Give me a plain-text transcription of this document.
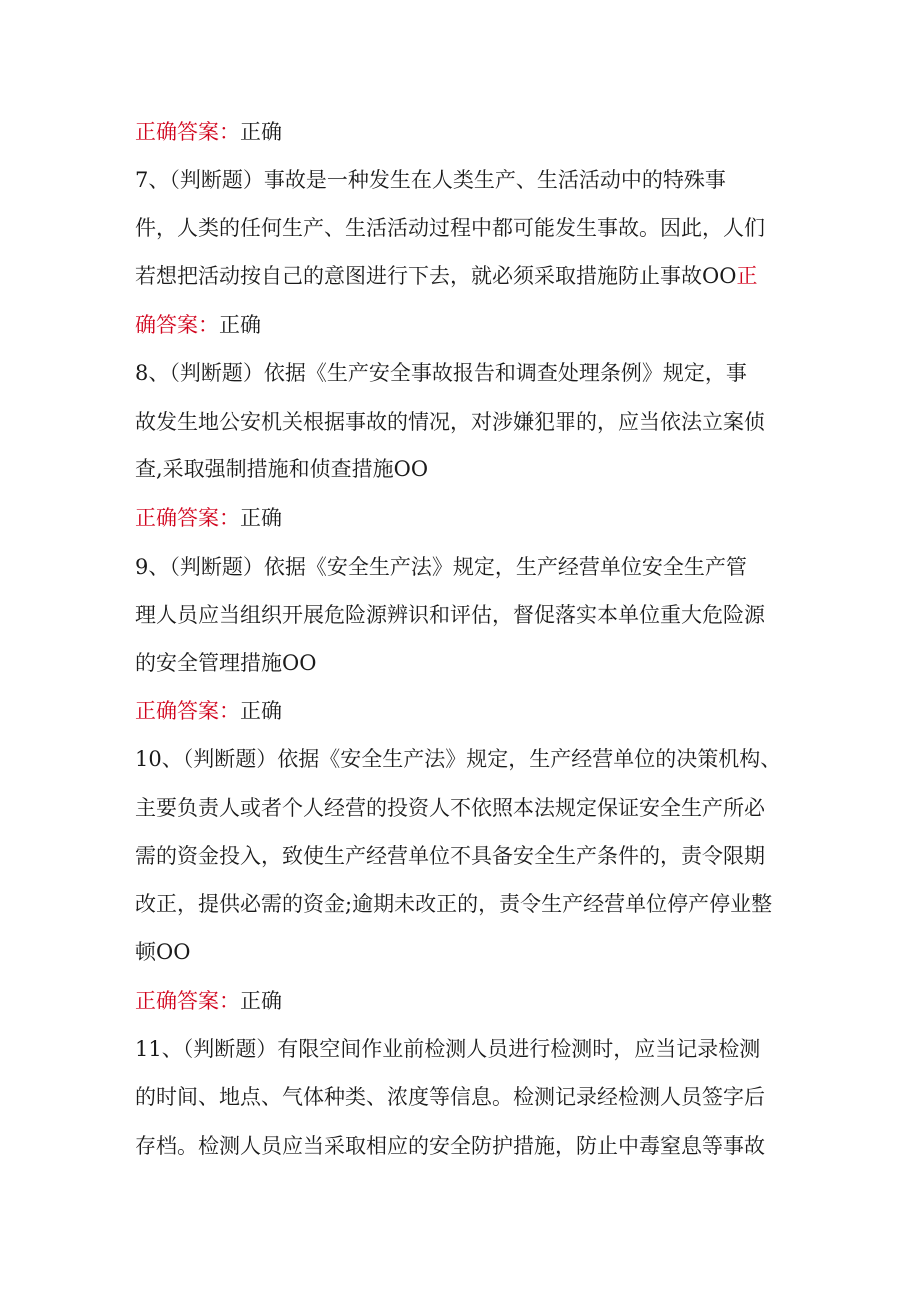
正确答案：正确
7、（判断题）事故是一种发生在人类生产、生活活动中的特殊事
件，人类的任何生产、生活活动过程中都可能发生事故。因此，人们
若想把活动按自己的意图进行下去，就必须采取措施防止事故OO正
确答案：正确
8、（判断题）依据《生产安全事故报告和调查处理条例》规定，事
故发生地公安机关根据事故的情况，对涉嫌犯罪的，应当依法立案侦
查,采取强制措施和侦查措施OO
正确答案：正确
9、（判断题）依据《安全生产法》规定，生产经营单位安全生产管
理人员应当组织开展危险源辨识和评估，督促落实本单位重大危险源
的安全管理措施OO
正确答案：正确
10、（判断题）依据《安全生产法》规定，生产经营单位的决策机构、
主要负责人或者个人经营的投资人不依照本法规定保证安全生产所必
需的资金投入，致使生产经营单位不具备安全生产条件的，责令限期
改正，提供必需的资金;逾期未改正的，责令生产经营单位停产停业整
顿OO
正确答案：正确
11、（判断题）有限空间作业前检测人员进行检测时，应当记录检测
的时间、地点、气体种类、浓度等信息。检测记录经检测人员签字后
存档。检测人员应当采取相应的安全防护措施，防止中毒窒息等事故
